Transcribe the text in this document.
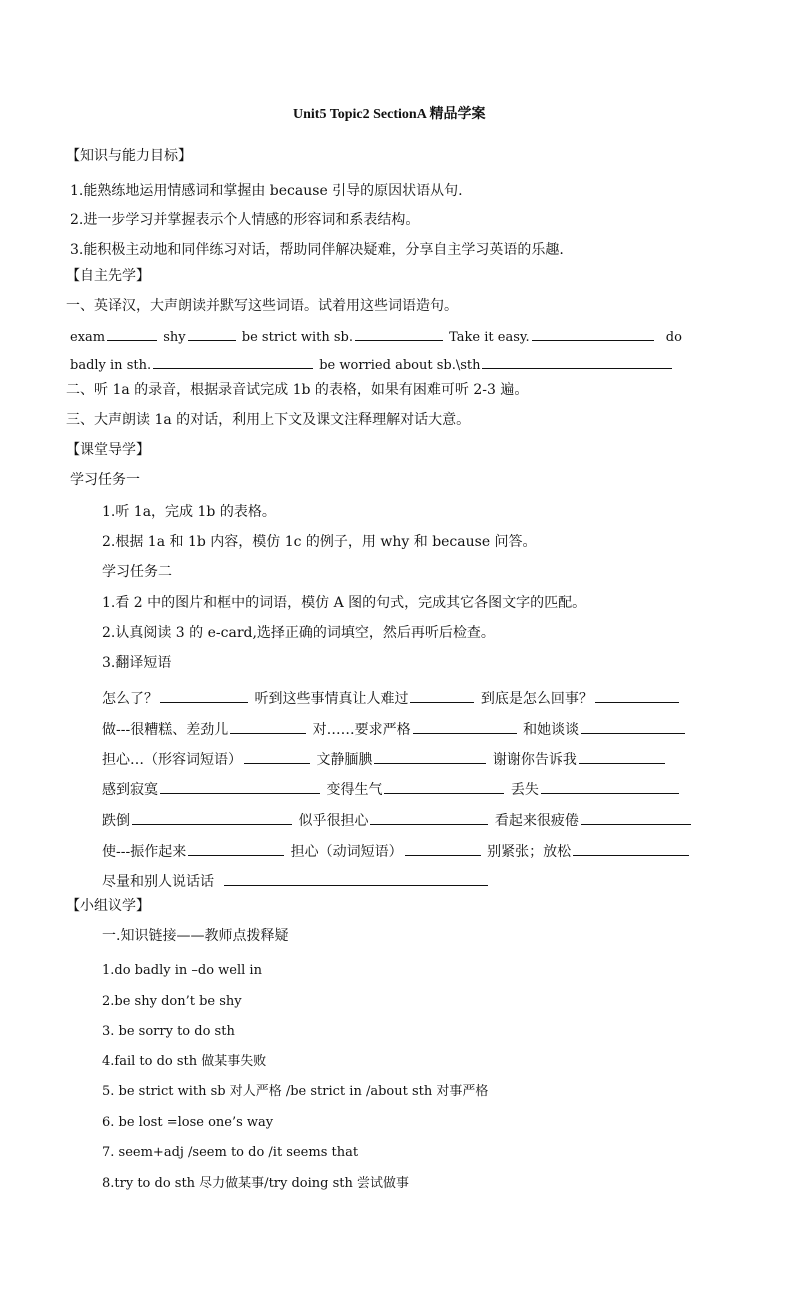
Unit5 Topic2 SectionA 精品学案
【知识与能力目标】
1.能熟练地运用情感词和掌握由 because 引导的原因状语从句.
2.进一步学习并掌握表示个人情感的形容词和系表结构。
3.能积极主动地和同伴练习对话，帮助同伴解决疑难，分享自主学习英语的乐趣.
【自主先学】
一、英译汉，大声朗读并默写这些词语。试着用这些词语造句。
exam	shy	be strict with sb.	Take it easy.	do
badly in sth.	be worried about sb.\sth
二、听 1a 的录音，根据录音试完成 1b 的表格，如果有困难可听 2-3 遍。
三、大声朗读 1a 的对话，利用上下文及课文注释理解对话大意。
【课堂导学】
学习任务一
1.听 1a，完成 1b 的表格。
2.根据 1a 和 1b 内容，模仿 1c 的例子，用 why 和 because 问答。
学习任务二
1.看 2 中的图片和框中的词语，模仿 A 图的句式，完成其它各图文字的匹配。
2.认真阅读 3 的 e-card,选择正确的词填空，然后再听后检查。
3.翻译短语
怎么了？	听到这些事情真让人难过	到底是怎么回事？
做---很糟糕、差劲儿	对……要求严格	和她谈谈
担心…（形容词短语）	文静腼腆	谢谢你告诉我
感到寂寞	变得生气	丢失
跌倒	似乎很担心	看起来很疲倦
使---振作起来	担心（动词短语）	别紧张；放松
尽量和别人说话话
【小组议学】
一.知识链接——教师点拨释疑
1.do badly in –do well in
2.be shy don’t be shy
3. be sorry to do sth
4.fail to do sth 做某事失败
5. be strict with sb 对人严格 /be strict in /about sth 对事严格
6. be lost =lose one’s way
7. seem+adj /seem to do /it seems that
8.try to do sth 尽力做某事/try doing sth 尝试做事
